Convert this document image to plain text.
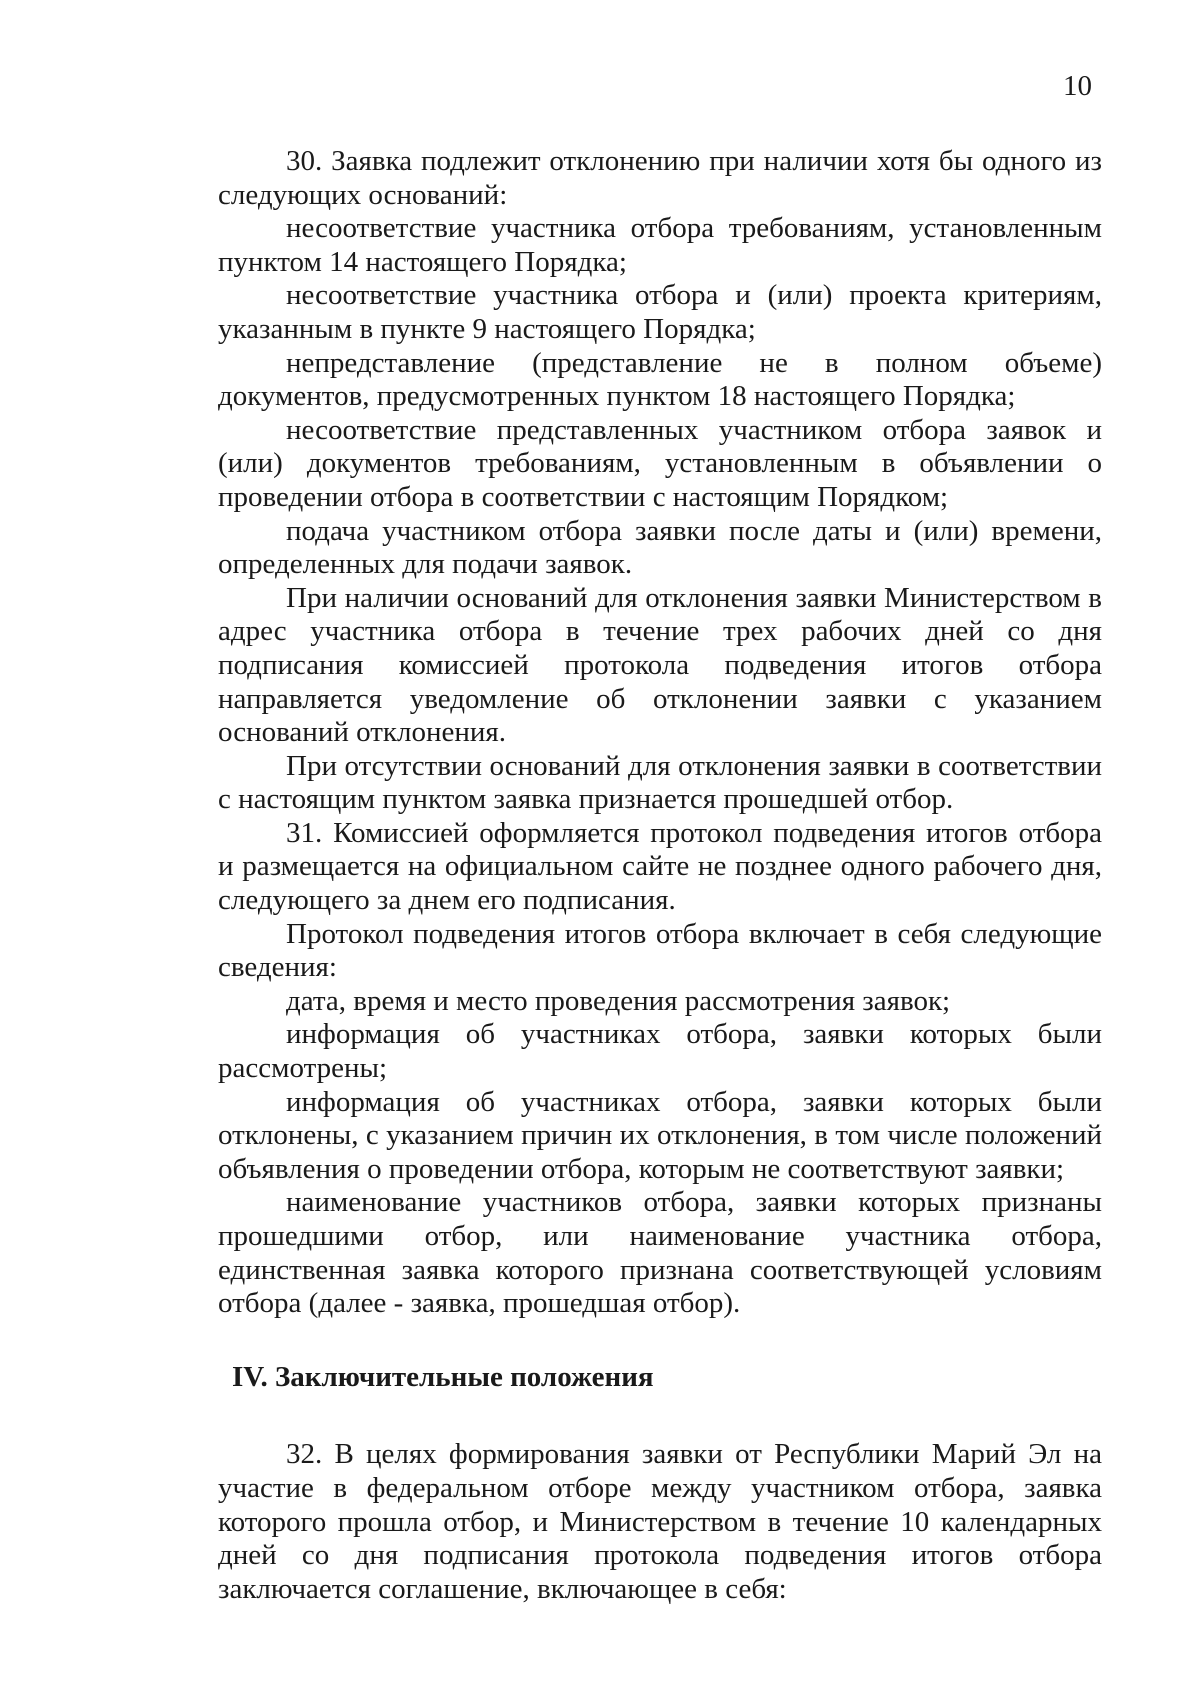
10

30. Заявка подлежит отклонению при наличии хотя бы одного из следующих оснований:

несоответствие участника отбора требованиям, установленным пунктом 14 настоящего Порядка;

несоответствие участника отбора и (или) проекта критериям, указанным в пункте 9 настоящего Порядка;

непредставление (представление не в полном объеме) документов, предусмотренных пунктом 18 настоящего Порядка;

несоответствие представленных участником отбора заявок и (или) документов требованиям, установленным в объявлении о проведении отбора в соответствии с настоящим Порядком;

подача участником отбора заявки после даты и (или) времени, определенных для подачи заявок.

При наличии оснований для отклонения заявки Министерством в адрес участника отбора в течение трех рабочих дней со дня подписания комиссией протокола подведения итогов отбора направляется уведомление об отклонении заявки с указанием оснований отклонения.

При отсутствии оснований для отклонения заявки в соответствии с настоящим пунктом заявка признается прошедшей отбор.

31. Комиссией оформляется протокол подведения итогов отбора и размещается на официальном сайте не позднее одного рабочего дня, следующего за днем его подписания.

Протокол подведения итогов отбора включает в себя следующие сведения:

дата, время и место проведения рассмотрения заявок;

информация об участниках отбора, заявки которых были рассмотрены;

информация об участниках отбора, заявки которых были отклонены, с указанием причин их отклонения, в том числе положений объявления о проведении отбора, которым не соответствуют заявки;

наименование участников отбора, заявки которых признаны прошедшими отбор, или наименование участника отбора, единственная заявка которого признана соответствующей условиям отбора (далее - заявка, прошедшая отбор).

IV. Заключительные положения

32. В целях формирования заявки от Республики Марий Эл на участие в федеральном отборе между участником отбора, заявка которого прошла отбор, и Министерством в течение 10 календарных дней со дня подписания протокола подведения итогов отбора заключается соглашение, включающее в себя:
